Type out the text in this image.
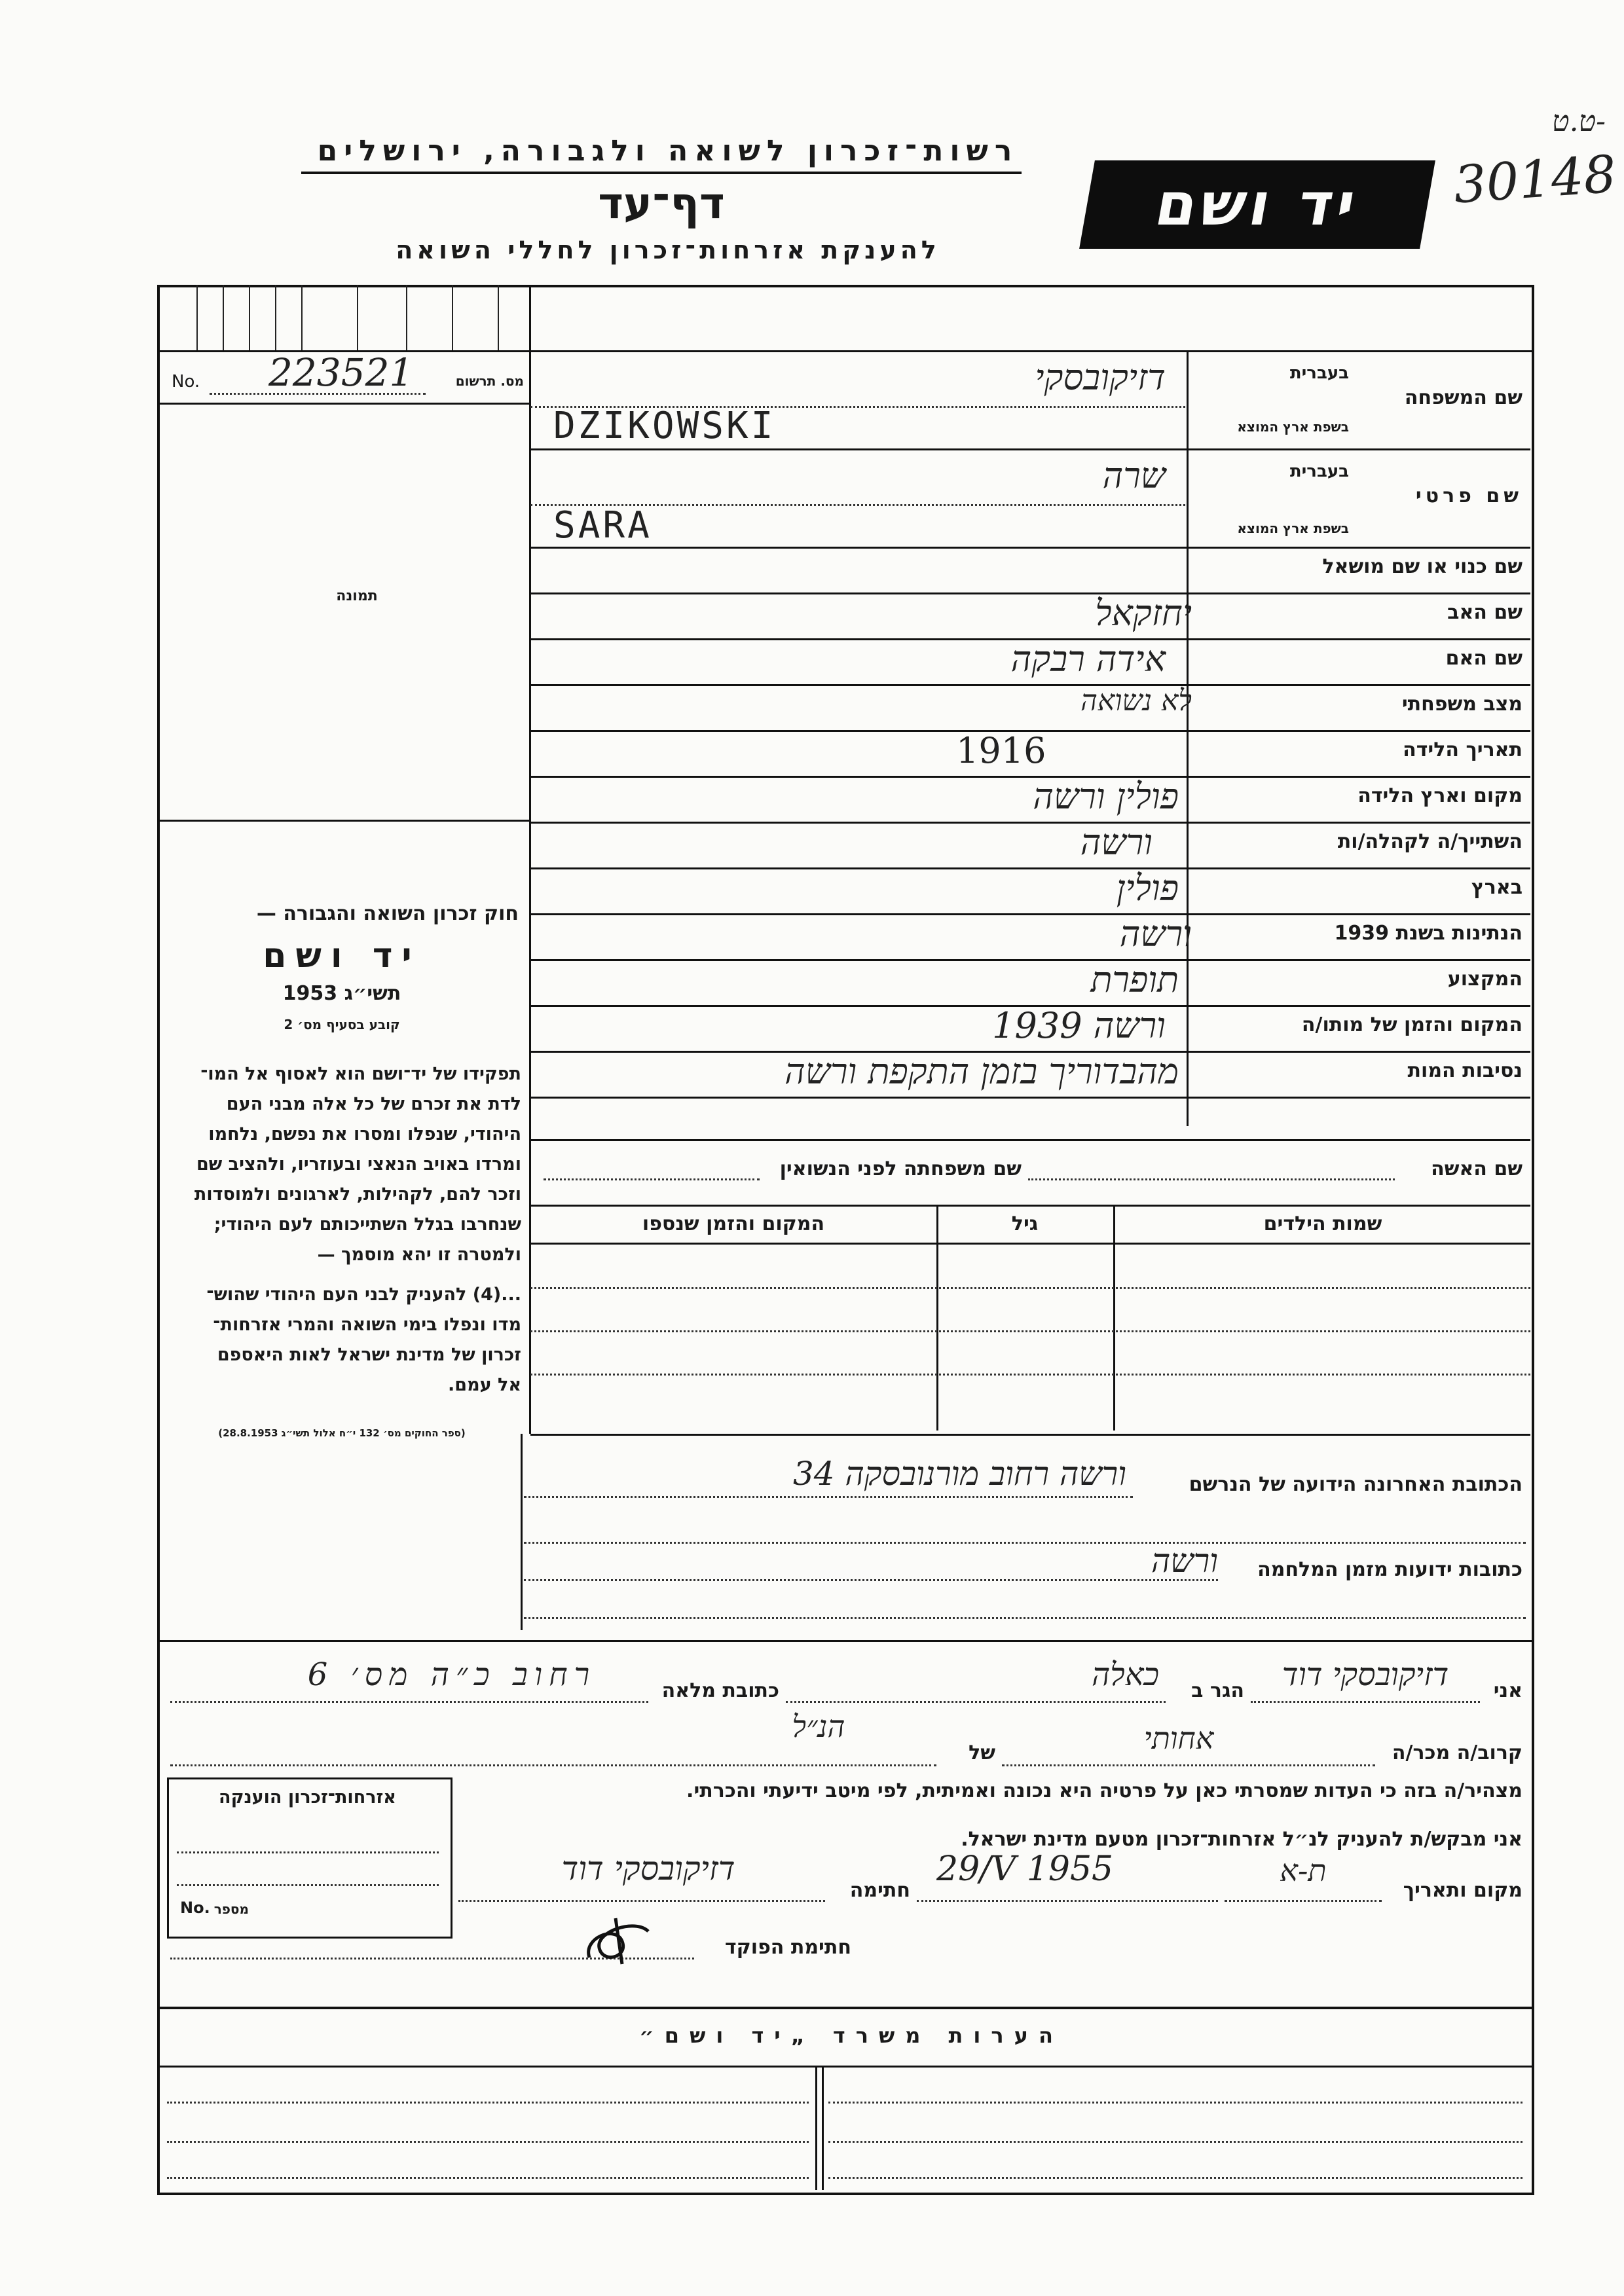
רשות־זכרון לשואה ולגבורה, ירושלים
דף־עד
להענקת אזרחות־זכרון לחללי השואה
יד ושם
ט.ט-
30148
מס. תרשום
No. 223521
תמונה
חוק זכרון השואה והגבורה —
יד ושם
תשי״ג 1953
קובע בסעיף מס׳ 2
תפקידו של יד־ושם הוא לאסוף אל המו־
לדת את זכרם של כל אלה מבני העם
היהודי, שנפלו ומסרו את נפשם, נלחמו
ומרדו באויב הנאצי ובעוזריו, ולהציב שם
וזכר להם, לקהילות, לארגונים ולמוסדות
שנחרבו בגלל השתייכותם לעם היהודי;
ולמטרה זו יהא מוסמך —
...(4) להעניק לבני העם היהודי שהוש־
מדו ונפלו בימי השואה והמרי אזרחות־
זכרון של מדינת ישראל לאות היאספם
אל עמם.
(ספר החוקים מס׳ 132 י״ח אלול תשי״ג 28.8.1953)
בעברית
שם המשפחה
בשפת ארץ המוצא
דזיקובסקי
DZIKOWSKI
בעברית
שם פרטי
בשפת ארץ המוצא
שרה
SARA
שם כנוי או שם מושאל
שם האב
יחזקאל
שם האם
אידה רבקה
מצב משפחתי
לא נשואה
תאריך הלידה
1916
מקום וארץ הלידה
פולין ורשה
השתייך/ה לקהלה/ות
ורשה
בארץ
פולין
הנתינות בשנת 1939
ורשה
המקצוע
תופרת
המקום והזמן של מותו/ה
ורשה 1939
נסיבות המות
מהבדוריך בזמן התקפת ורשה
שם האשה
שם משפחתה לפני הנשואין
שמות הילדים
גיל
המקום והזמן שנספו
הכתובת האחרונה הידועה של הנרשם
ורשה רחוב מורנובסקה 34
כתובות ידועות מזמן המלחמה
ורשה
אני
דזיקובסקי דוד
הגר ב
כאלה
כתובת מלאה
רחוב כ״ה מס׳ 6
קרוב/ה מכר/ה
אחותי
של
הנ״ל
מצהיר/ה בזה כי העדות שמסרתי כאן על פרטיה היא נכונה ואמיתית, לפי מיטב ידיעתי והכרתי.
אני מבקש/ת להעניק לנ״ל אזרחות־זכרון מטעם מדינת ישראל.
מקום ותאריך
ת-א
29/V 1955
חתימה
דזיקובסקי דוד
חתימת הפוקד
אזרחות־זכרון הוענקה
No. מספר
הערות משרד „יד ושם״
